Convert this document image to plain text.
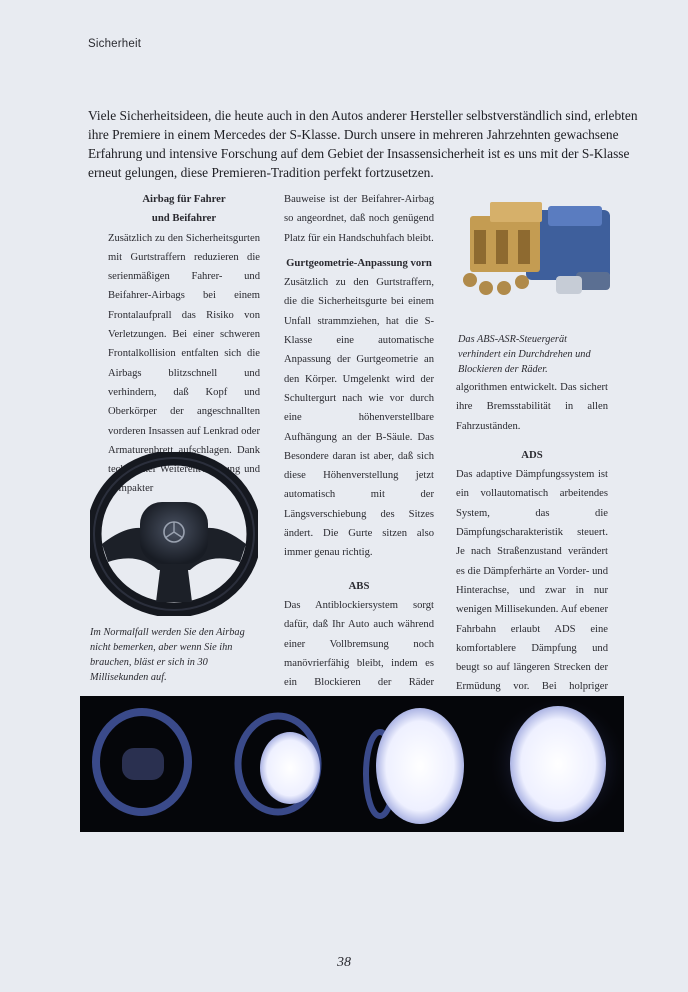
Sicherheit
Viele Sicherheitsideen, die heute auch in den Autos anderer Hersteller selbstverständlich sind, erlebten ihre Premiere in einem Mercedes der S-Klasse. Durch unsere in mehreren Jahrzehnten gewachsene Erfahrung und intensive Forschung auf dem Gebiet der Insassensicherheit ist es uns mit der S-Klasse erneut gelungen, diese Premieren-Tradition perfekt fortzusetzen.
Airbag für Fahrer
und Beifahrer

Zusätzlich zu den Sicherheitsgurten mit Gurtstraffern reduzieren die serienmäßigen Fahrer- und Beifahrer-Airbags bei einem Frontalaufprall das Risiko von Verletzungen. Bei einer schweren Frontalkollision entfalten sich die Airbags blitzschnell und verhindern, daß Kopf und Oberkörper der angeschnallten vorderen Insassen auf Lenkrad oder Armaturenbrett aufschlagen. Dank technischer Weiterentwicklung und kompakter

Im Normalfall werden Sie den Airbag nicht bemerken, aber wenn Sie ihn brauchen, bläst er sich in 30 Millisekunden auf.

Bauweise ist der Beifahrer-Airbag so angeordnet, daß noch genügend Platz für ein Handschuhfach bleibt.

Gurtgeometrie-Anpassung vorn

Zusätzlich zu den Gurtstraffern, die die Sicherheitsgurte bei einem Unfall strammziehen, hat die S-Klasse eine automatische Anpassung der Gurtgeometrie an den Körper. Umgelenkt wird der Schultergurt nach wie vor durch eine höhenverstellbare Aufhängung an der B-Säule. Das Besondere daran ist aber, daß sich diese Höhenverstellung jetzt automatisch mit der Längsverschiebung des Sitzes ändert. Die Gurte sitzen also immer genau richtig.

ABS

Das Antiblockiersystem sorgt dafür, daß Ihr Auto auch während einer Vollbremsung noch manövrierfähig bleibt, indem es ein Blockieren der Räder

Das ABS-ASR-Steuergerät verhindert ein Durchdrehen und Blockieren der Räder.

algorithmen entwickelt. Das sichert ihre Bremsstabilität in allen Fahrzuständen.

ADS

Das adaptive Dämpfungssystem ist ein vollautomatisch arbeitendes System, das die Dämpfungscharakteristik steuert. Je nach Straßenzustand verändert es die Dämpferhärte an Vorder- und Hinterachse, und zwar in nur wenigen Millisekunden. Auf ebener Fahrbahn erlaubt ADS eine komfortablere Dämpfung und beugt so auf längeren Strecken der Ermüdung vor. Bei holpriger

38
